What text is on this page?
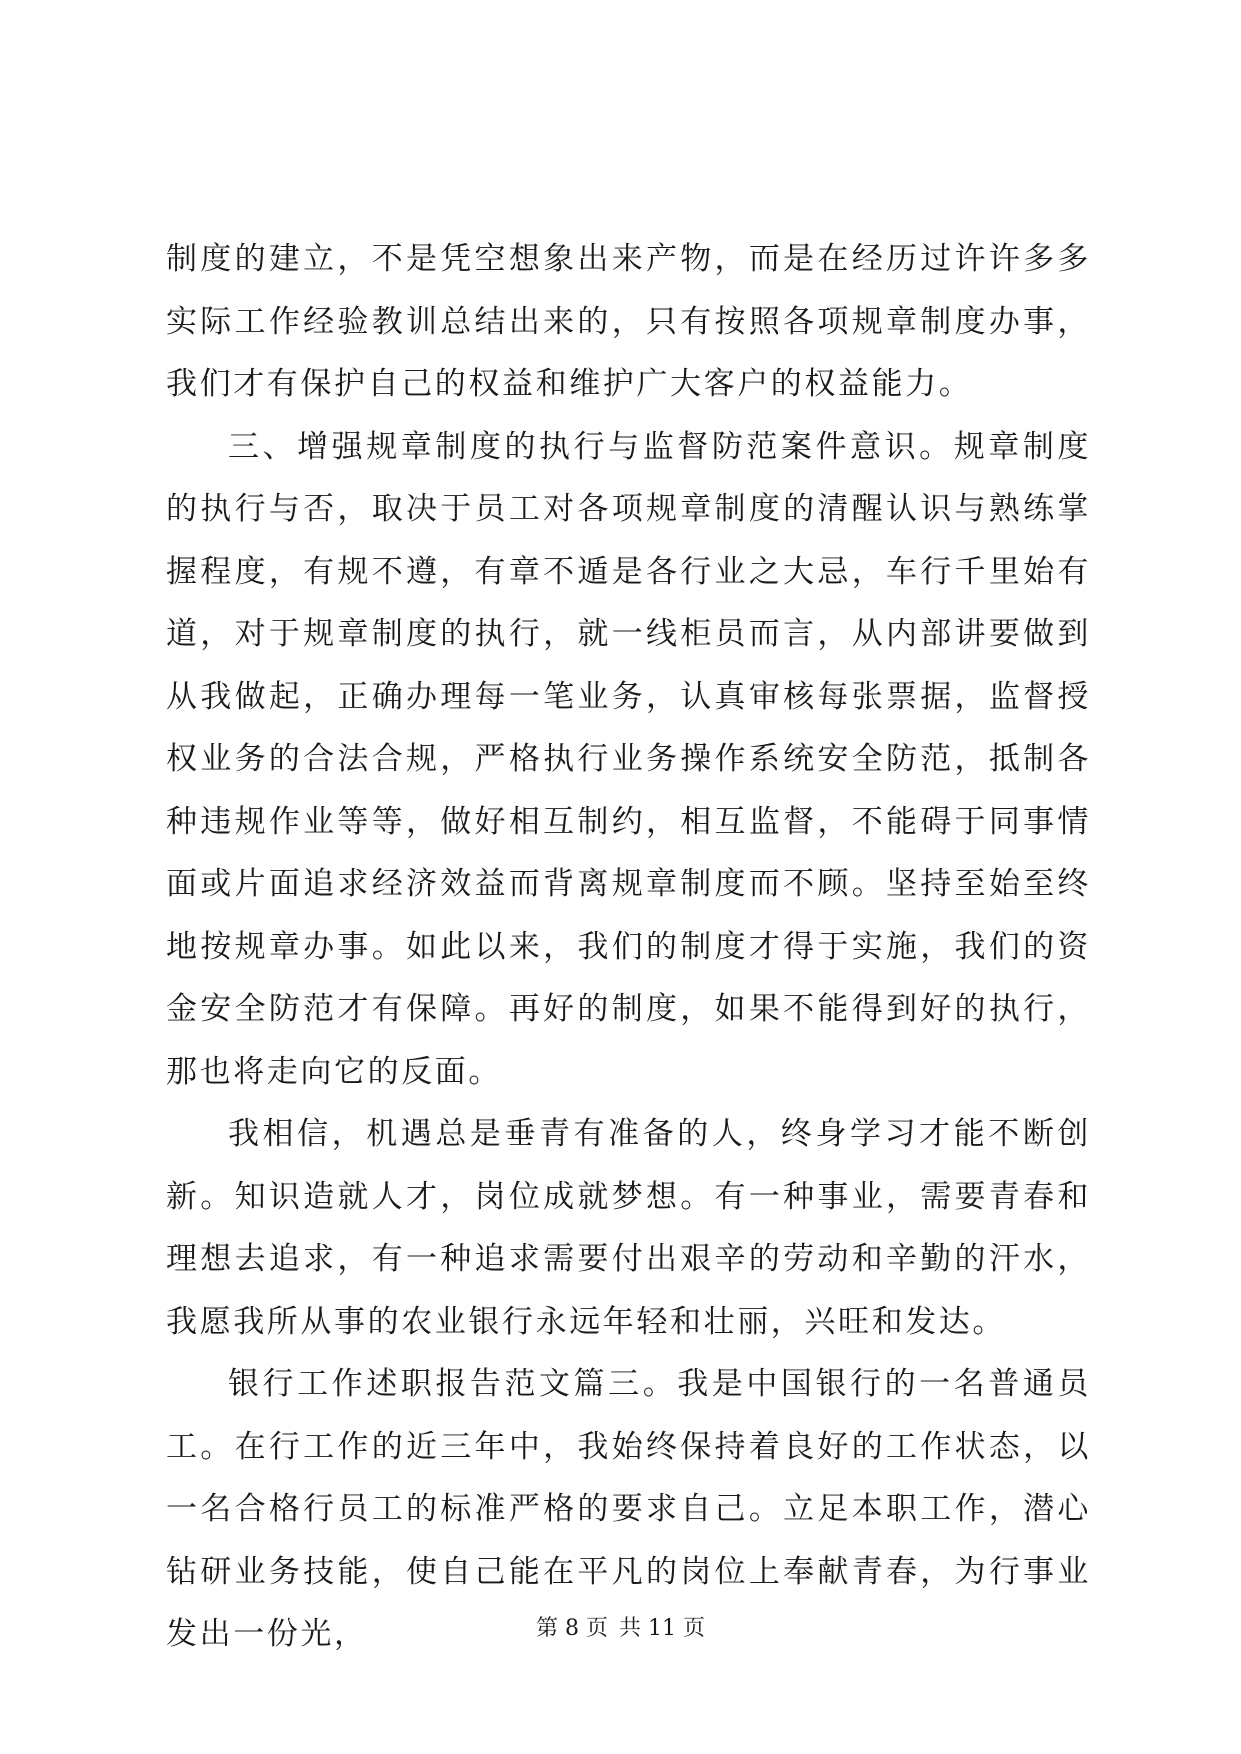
制度的建立，不是凭空想象出来产物，而是在经历过许许多多实际工作经验教训总结出来的，只有按照各项规章制度办事，我们才有保护自己的权益和维护广大客户的权益能力。

三、增强规章制度的执行与监督防范案件意识。规章制度的执行与否，取决于员工对各项规章制度的清醒认识与熟练掌握程度，有规不遵，有章不遁是各行业之大忌，车行千里始有道，对于规章制度的执行，就一线柜员而言，从内部讲要做到从我做起，正确办理每一笔业务，认真审核每张票据，监督授权业务的合法合规，严格执行业务操作系统安全防范，抵制各种违规作业等等，做好相互制约，相互监督，不能碍于同事情面或片面追求经济效益而背离规章制度而不顾。坚持至始至终地按规章办事。如此以来，我们的制度才得于实施，我们的资金安全防范才有保障。再好的制度，如果不能得到好的执行，那也将走向它的反面。

我相信，机遇总是垂青有准备的人，终身学习才能不断创新。知识造就人才，岗位成就梦想。有一种事业，需要青春和理想去追求，有一种追求需要付出艰辛的劳动和辛勤的汗水，我愿我所从事的农业银行永远年轻和壮丽，兴旺和发达。

银行工作述职报告范文篇三。我是中国银行的一名普通员工。在行工作的近三年中，我始终保持着良好的工作状态，以一名合格行员工的标准严格的要求自己。立足本职工作，潜心钻研业务技能，使自己能在平凡的岗位上奉献青春，为行事业发出一份光，	第 8 页 共 11 页
